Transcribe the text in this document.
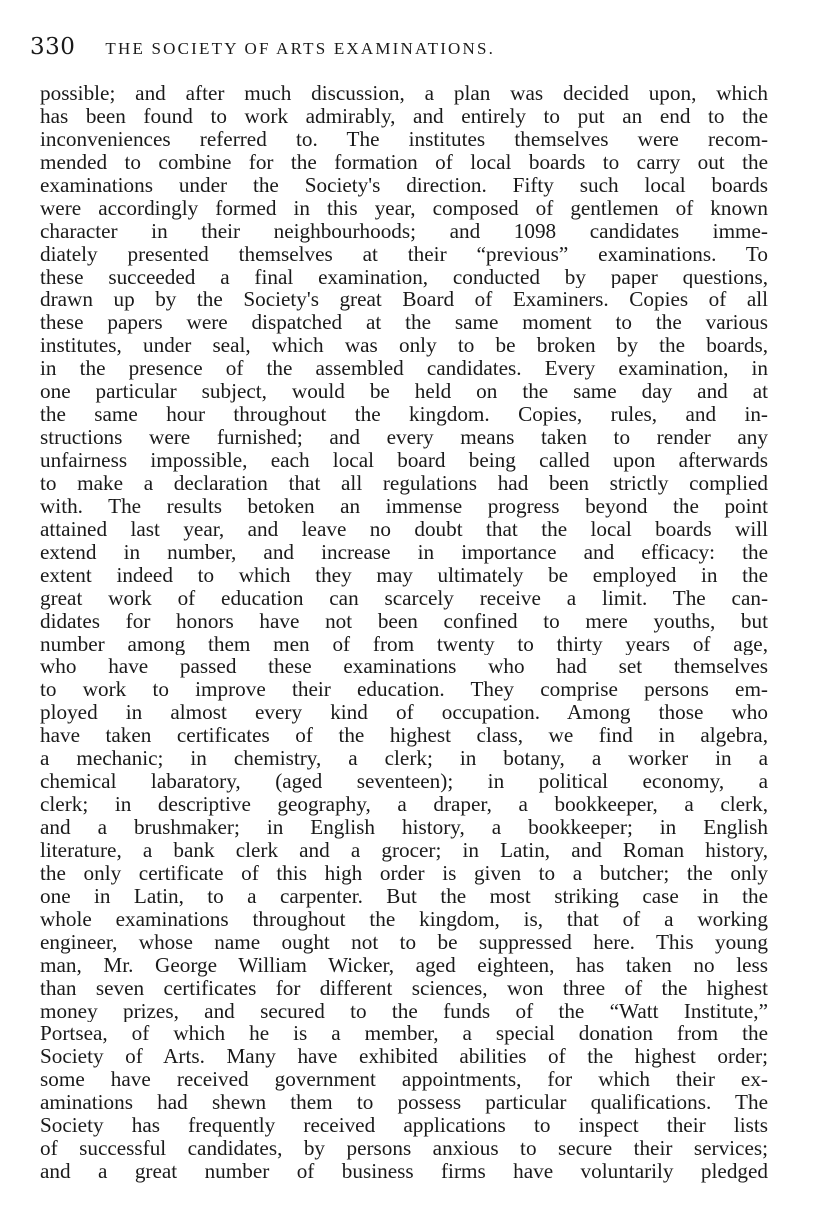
330 THE SOCIETY OF ARTS EXAMINATIONS.
possible; and after much discussion, a plan was decided upon, which
has been found to work admirably, and entirely to put an end to the
inconveniences referred to. The institutes themselves were recom-
mended to combine for the formation of local boards to carry out the
examinations under the Society's direction. Fifty such local boards
were accordingly formed in this year, composed of gentlemen of known
character in their neighbourhoods; and 1098 candidates imme-
diately presented themselves at their “previous” examinations. To
these succeeded a final examination, conducted by paper questions,
drawn up by the Society's great Board of Examiners. Copies of all
these papers were dispatched at the same moment to the various
institutes, under seal, which was only to be broken by the boards,
in the presence of the assembled candidates. Every examination, in
one particular subject, would be held on the same day and at
the same hour throughout the kingdom. Copies, rules, and in-
structions were furnished; and every means taken to render any
unfairness impossible, each local board being called upon afterwards
to make a declaration that all regulations had been strictly complied
with. The results betoken an immense progress beyond the point
attained last year, and leave no doubt that the local boards will
extend in number, and increase in importance and efficacy: the
extent indeed to which they may ultimately be employed in the
great work of education can scarcely receive a limit. The can-
didates for honors have not been confined to mere youths, but
number among them men of from twenty to thirty years of age,
who have passed these examinations who had set themselves
to work to improve their education. They comprise persons em-
ployed in almost every kind of occupation. Among those who
have taken certificates of the highest class, we find in algebra,
a mechanic; in chemistry, a clerk; in botany, a worker in a
chemical labaratory, (aged seventeen); in political economy, a
clerk; in descriptive geography, a draper, a bookkeeper, a clerk,
and a brushmaker; in English history, a bookkeeper; in English
literature, a bank clerk and a grocer; in Latin, and Roman history,
the only certificate of this high order is given to a butcher; the only
one in Latin, to a carpenter. But the most striking case in the
whole examinations throughout the kingdom, is, that of a working
engineer, whose name ought not to be suppressed here. This young
man, Mr. George William Wicker, aged eighteen, has taken no less
than seven certificates for different sciences, won three of the highest
money prizes, and secured to the funds of the “Watt Institute,”
Portsea, of which he is a member, a special donation from the
Society of Arts. Many have exhibited abilities of the highest order;
some have received government appointments, for which their ex-
aminations had shewn them to possess particular qualifications. The
Society has frequently received applications to inspect their lists
of successful candidates, by persons anxious to secure their services;
and a great number of business firms have voluntarily pledged
